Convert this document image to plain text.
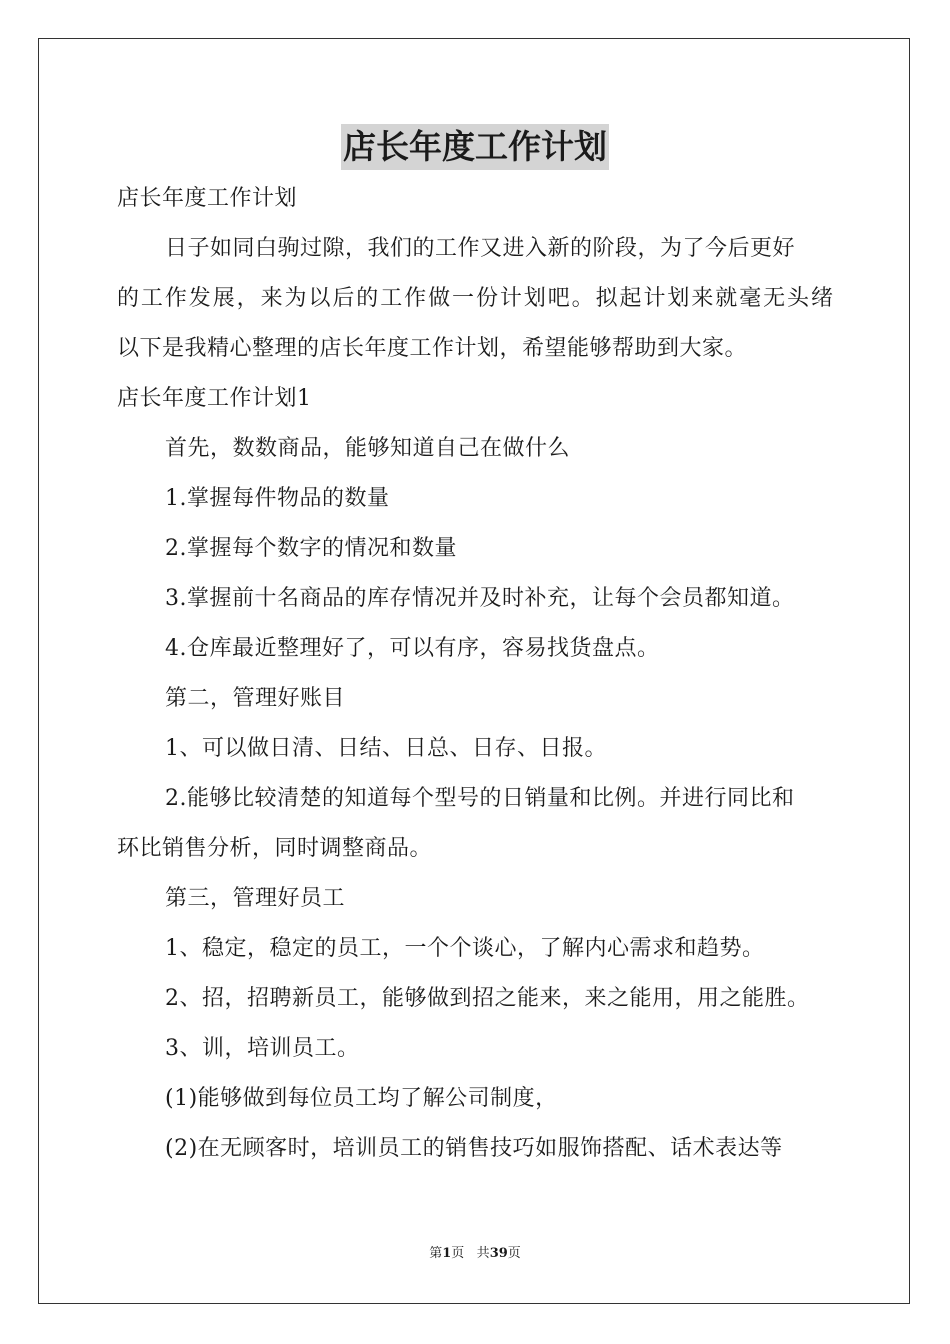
店长年度工作计划
店长年度工作计划
日子如同白驹过隙，我们的工作又进入新的阶段，为了今后更好
的工作发展，来为以后的工作做一份计划吧。拟起计划来就毫无头绪
以下是我精心整理的店长年度工作计划，希望能够帮助到大家。
店长年度工作计划1
首先，数数商品，能够知道自己在做什么
1.掌握每件物品的数量
2.掌握每个数字的情况和数量
3.掌握前十名商品的库存情况并及时补充，让每个会员都知道。
4.仓库最近整理好了，可以有序，容易找货盘点。
第二，管理好账目
1、可以做日清、日结、日总、日存、日报。
2.能够比较清楚的知道每个型号的日销量和比例。并进行同比和
环比销售分析，同时调整商品。
第三，管理好员工
1、稳定，稳定的员工，一个个谈心，了解内心需求和趋势。
2、招，招聘新员工，能够做到招之能来，来之能用，用之能胜。
3、训，培训员工。
(1)能够做到每位员工均了解公司制度，
(2)在无顾客时，培训员工的销售技巧如服饰搭配、话术表达等
第1页 共39页
